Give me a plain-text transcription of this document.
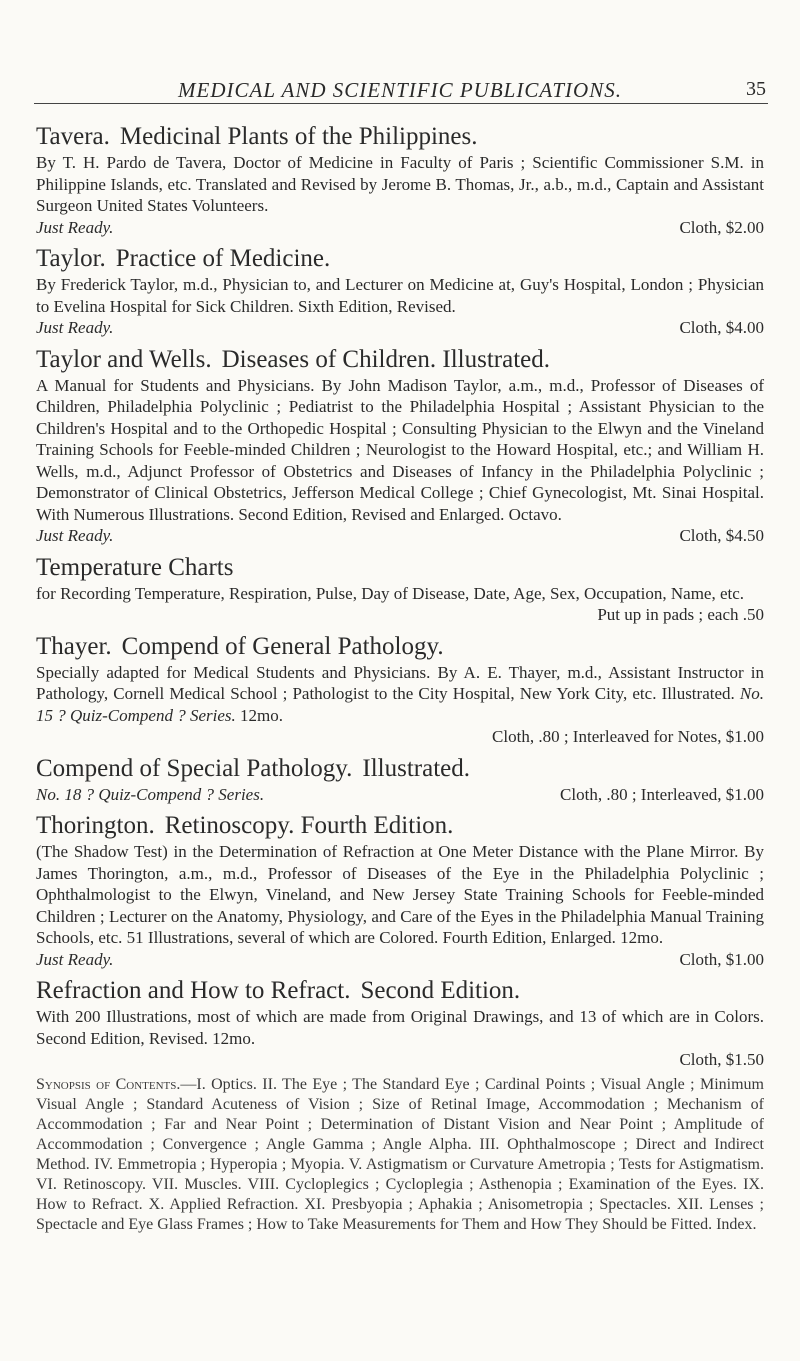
MEDICAL AND SCIENTIFIC PUBLICATIONS.	35

Tavera. Medicinal Plants of the Philippines.

By T. H. Pardo de Tavera, Doctor of Medicine in Faculty of Paris ; Scientific Commissioner S.M. in Philippine Islands, etc. Translated and Revised by Jerome B. Thomas, Jr., a.b., m.d., Captain and Assistant Surgeon United States Volunteers.

Just Ready.	Cloth, $2.00

Taylor. Practice of Medicine.

By Frederick Taylor, m.d., Physician to, and Lecturer on Medicine at, Guy's Hospital, London ; Physician to Evelina Hospital for Sick Children. Sixth Edition, Revised.

Just Ready.	Cloth, $4.00

Taylor and Wells. Diseases of Children. Illustrated.

A Manual for Students and Physicians. By John Madison Taylor, a.m., m.d., Professor of Diseases of Children, Philadelphia Polyclinic ; Pediatrist to the Philadelphia Hospital ; Assistant Physician to the Children's Hospital and to the Orthopedic Hospital ; Consulting Physician to the Elwyn and the Vineland Training Schools for Feeble-minded Children ; Neurologist to the Howard Hospital, etc.; and William H. Wells, m.d., Adjunct Professor of Obstetrics and Diseases of Infancy in the Philadelphia Polyclinic ; Demonstrator of Clinical Obstetrics, Jefferson Medical College ; Chief Gynecologist, Mt. Sinai Hospital. With Numerous Illustrations. Second Edition, Revised and Enlarged. Octavo.

Just Ready.	Cloth, $4.50

Temperature Charts

for Recording Temperature, Respiration, Pulse, Day of Disease, Date, Age, Sex, Occupation, Name, etc.

Put up in pads ; each .50

Thayer. Compend of General Pathology.

Specially adapted for Medical Students and Physicians. By A. E. Thayer, m.d., Assistant Instructor in Pathology, Cornell Medical School ; Pathologist to the City Hospital, New York City, etc. Illustrated. No. 15 ? Quiz-Compend ? Series. 12mo.

Cloth, .80 ; Interleaved for Notes, $1.00

Compend of Special Pathology. Illustrated.

No. 18 ? Quiz-Compend ? Series.	Cloth, .80 ; Interleaved, $1.00

Thorington. Retinoscopy. Fourth Edition.

(The Shadow Test) in the Determination of Refraction at One Meter Distance with the Plane Mirror. By James Thorington, a.m., m.d., Professor of Diseases of the Eye in the Philadelphia Polyclinic ; Ophthalmologist to the Elwyn, Vineland, and New Jersey State Training Schools for Feeble-minded Children ; Lecturer on the Anatomy, Physiology, and Care of the Eyes in the Philadelphia Manual Training Schools, etc. 51 Illustrations, several of which are Colored. Fourth Edition, Enlarged. 12mo.

Just Ready.	Cloth, $1.00

Refraction and How to Refract. Second Edition.

With 200 Illustrations, most of which are made from Original Drawings, and 13 of which are in Colors. Second Edition, Revised. 12mo.

Cloth, $1.50

Synopsis of Contents.—I. Optics. II. The Eye ; The Standard Eye ; Cardinal Points ; Visual Angle ; Minimum Visual Angle ; Standard Acuteness of Vision ; Size of Retinal Image, Accommodation ; Mechanism of Accommodation ; Far and Near Point ; Determination of Distant Vision and Near Point ; Amplitude of Accommodation ; Convergence ; Angle Gamma ; Angle Alpha. III. Ophthalmoscope ; Direct and Indirect Method. IV. Emmetropia ; Hyperopia ; Myopia. V. Astigmatism or Curvature Ametropia ; Tests for Astigmatism. VI. Retinoscopy. VII. Muscles. VIII. Cycloplegics ; Cycloplegia ; Asthenopia ; Examination of the Eyes. IX. How to Refract. X. Applied Refraction. XI. Presbyopia ; Aphakia ; Anisometropia ; Spectacles. XII. Lenses ; Spectacle and Eye Glass Frames ; How to Take Measurements for Them and How They Should be Fitted. Index.
